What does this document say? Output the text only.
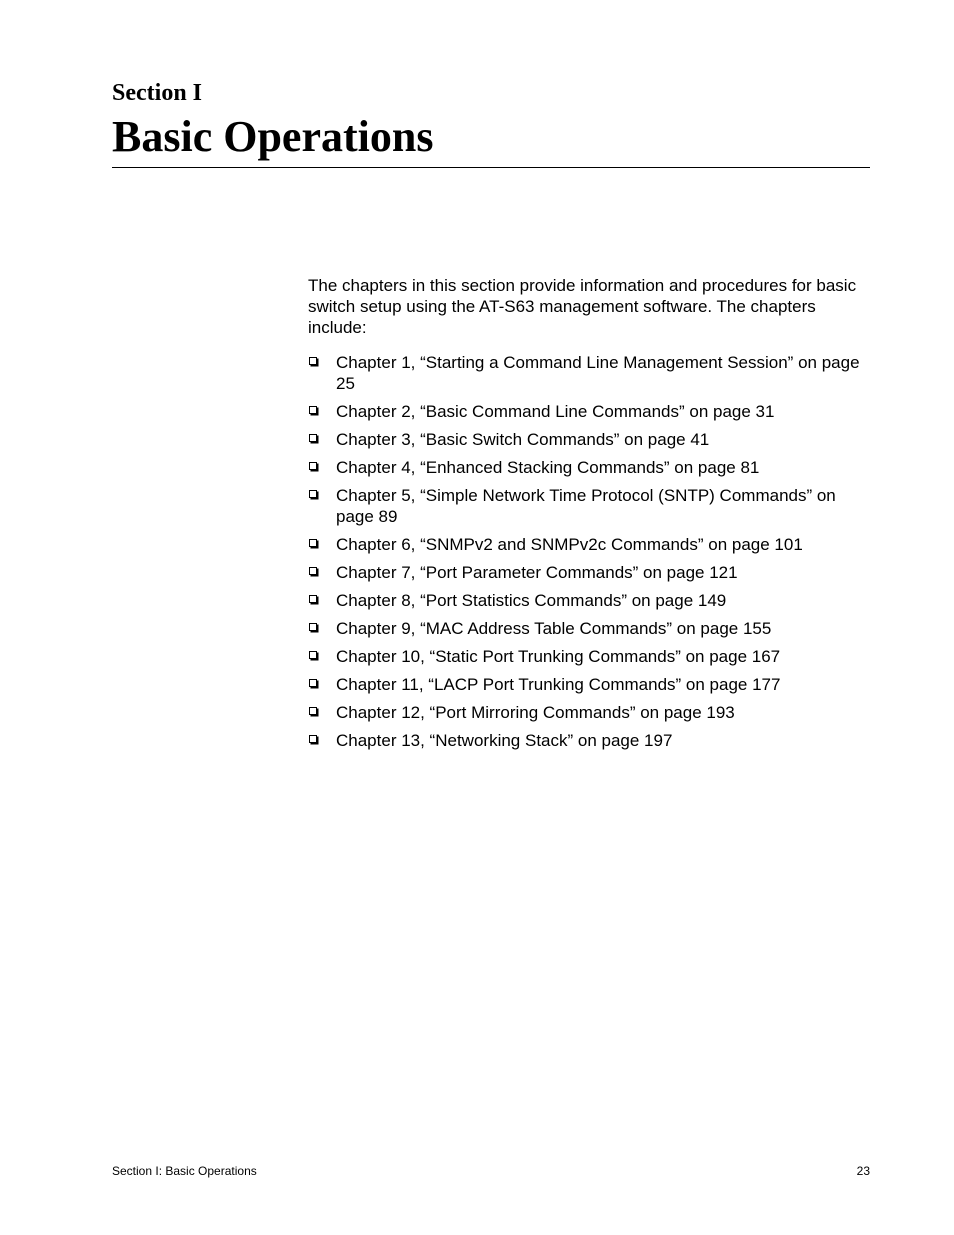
Section I
Basic Operations

The chapters in this section provide information and procedures for basic switch setup using the AT-S63 management software. The chapters include:

Chapter 1, “Starting a Command Line Management Session” on page 25
Chapter 2, “Basic Command Line Commands” on page 31
Chapter 3, “Basic Switch Commands” on page 41
Chapter 4, “Enhanced Stacking Commands” on page 81
Chapter 5, “Simple Network Time Protocol (SNTP) Commands” on page 89
Chapter 6, “SNMPv2 and SNMPv2c Commands” on page 101
Chapter 7, “Port Parameter Commands” on page 121
Chapter 8, “Port Statistics Commands” on page 149
Chapter 9, “MAC Address Table Commands” on page 155
Chapter 10, “Static Port Trunking Commands” on page 167
Chapter 11, “LACP Port Trunking Commands” on page 177
Chapter 12, “Port Mirroring Commands” on page 193
Chapter 13, “Networking Stack” on page 197
Section I: Basic Operations	23
